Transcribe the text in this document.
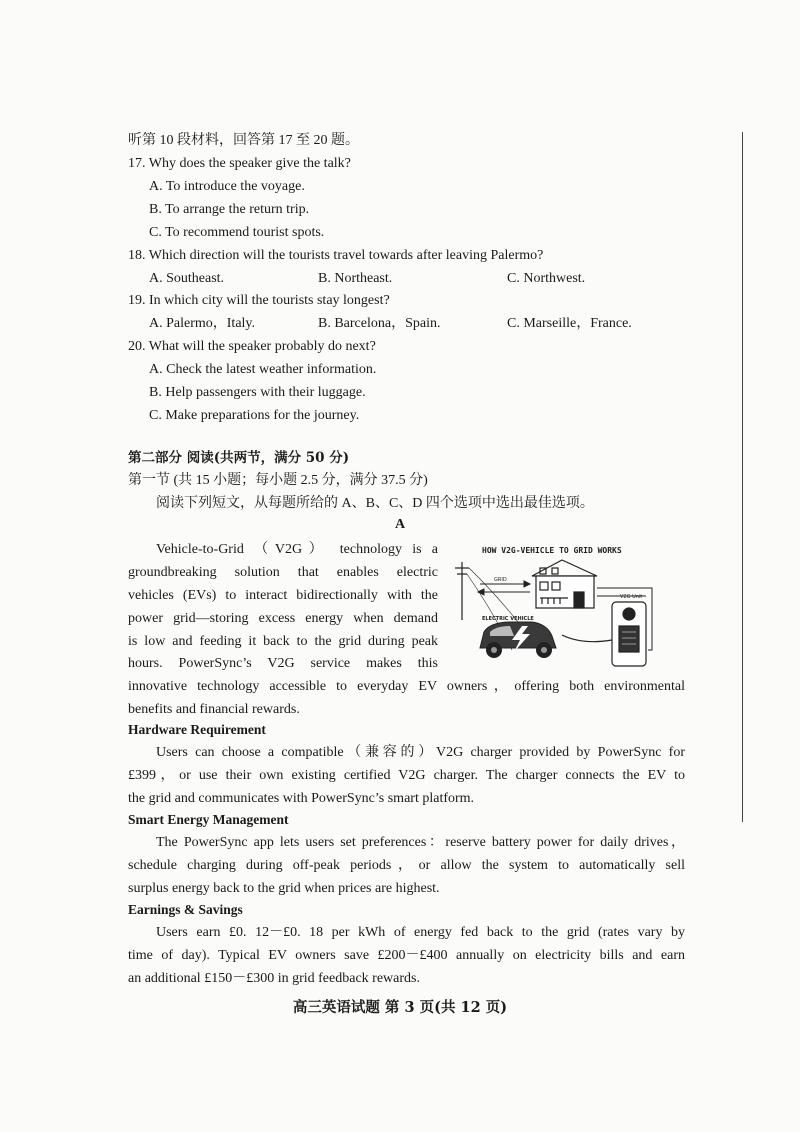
听第 10 段材料，回答第 17 至 20 题。
17. Why does the speaker give the talk?
A. To introduce the voyage.
B. To arrange the return trip.
C. To recommend tourist spots.
18. Which direction will the tourists travel towards after leaving Palermo?
A. Southeast.	B. Northeast.	C. Northwest.
19. In which city will the tourists stay longest?
A. Palermo，Italy.	B. Barcelona，Spain.	C. Marseille，France.
20. What will the speaker probably do next?
A. Check the latest weather information.
B. Help passengers with their luggage.
C. Make preparations for the journey.
第二部分 阅读(共两节，满分 50 分)
第一节 (共 15 小题；每小题 2.5 分，满分 37.5 分)
阅读下列短文，从每题所给的 A、B、C、D 四个选项中选出最佳选项。
A
Vehicle-to-Grid （V2G） technology is a
groundbreaking solution that enables electric
vehicles (EVs) to interact bidirectionally with the
power grid—storing excess energy when demand
is low and feeding it back to the grid during peak
hours. PowerSync’s V2G service makes this
innovative technology accessible to everyday EV owners，offering both environmental
benefits and financial rewards.
HOW V2G-VEHICLE TO GRID WORKS
GRID
V2G Unit
ELECTRIC VEHICLE
Hardware Requirement
Users can choose a compatible（兼容的）V2G charger provided by PowerSync for
£399，or use their own existing certified V2G charger. The charger connects the EV to
the grid and communicates with PowerSync’s smart platform.
Smart Energy Management
The PowerSync app lets users set preferences：reserve battery power for daily drives，
schedule charging during off-peak periods，or allow the system to automatically sell
surplus energy back to the grid when prices are highest.
Earnings & Savings
Users earn £0. 12－£0. 18 per kWh of energy fed back to the grid (rates vary by
time of day). Typical EV owners save £200－£400 annually on electricity bills and earn
an additional £150－£300 in grid feedback rewards.
高三英语试题 第 3 页(共 12 页)
